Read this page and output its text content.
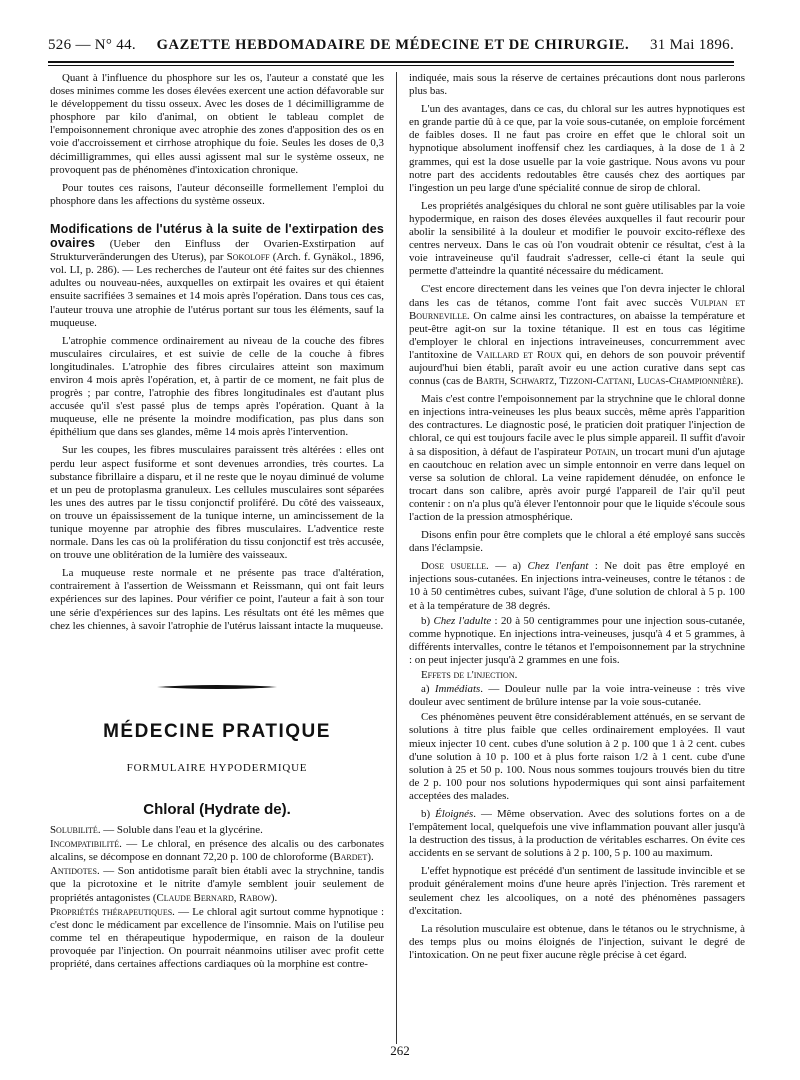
526 — N° 44. GAZETTE HEBDOMADAIRE DE MÉDECINE ET DE CHIRURGIE. 31 Mai 1896.

Quant à l'influence du phosphore sur les os, l'auteur a constaté que les doses minimes comme les doses élevées exercent une action défavorable sur le développement du tissu osseux. Avec les doses de 1 décimilligramme de phosphore par kilo d'animal, on obtient le tableau complet de l'empoisonnement chronique avec atrophie des zones d'apposition des os en voie d'accroissement et cirrhose atrophique du foie. Seules les doses de 0,3 décimilligrammes, qui elles aussi agissent mal sur le système osseux, ne provoquent pas de phénomènes d'intoxication chronique.

Pour toutes ces raisons, l'auteur déconseille formellement l'emploi du phosphore dans les affections du système osseux.

Modifications de l'utérus à la suite de l'extirpation des ovaires (Ueber den Einfluss der Ovarien-Exstirpation auf Strukturveränderungen des Uterus), par Sokoloff (Arch. f. Gynäkol., 1896, vol. LI, p. 286). — Les recherches de l'auteur ont été faites sur des chiennes adultes ou nouveau-nées, auxquelles on extirpait les ovaires et qui étaient ensuite sacrifiées 3 semaines et 14 mois après l'opération. Dans tous ces cas, l'auteur trouva une atrophie de l'utérus portant sur tous les éléments, sauf la muqueuse.

L'atrophie commence ordinairement au niveau de la couche des fibres musculaires circulaires, et est suivie de celle de la couche à fibres longitudinales. L'atrophie des fibres circulaires atteint son maximum environ 4 mois après l'opération, et, à partir de ce moment, ne fait plus de progrès ; par contre, l'atrophie des fibres longitudinales est d'autant plus accusée qu'il s'est passé plus de temps après l'opération. Quant à la muqueuse, elle ne présente la moindre modification, pas plus dans son épithélium que dans ses glandes, même 14 mois après l'intervention.

Sur les coupes, les fibres musculaires paraissent très altérées : elles ont perdu leur aspect fusiforme et sont devenues arrondies, très courtes. La substance fibrillaire a disparu, et il ne reste que le noyau diminué de volume et un peu de protoplasma granuleux. Les cellules musculaires sont séparées les unes des autres par le tissu conjonctif proliféré. Du côté des vaisseaux, on trouve un épaississement de la tunique interne, un amincissement de la tunique moyenne par atrophie des fibres musculaires. L'adventice reste normale. Dans les cas où la prolifération du tissu conjonctif est très accusée, on trouve une oblitération de la lumière des vaisseaux.

La muqueuse reste normale et ne présente pas trace d'altération, contrairement à l'assertion de Weissmann et Reissmann, qui ont fait leurs expériences sur des lapines. Pour vérifier ce point, l'auteur a fait à son tour une série d'expériences sur des lapins. Les résultats ont été les mêmes que chez les chiennes, à savoir l'atrophie de l'utérus laissant intacte la muqueuse.

MÉDECINE PRATIQUE
FORMULAIRE HYPODERMIQUE
Chloral (Hydrate de).

Solubilité. — Soluble dans l'eau et la glycérine.

Incompatibilité. — Le chloral, en présence des alcalis ou des carbonates alcalins, se décompose en donnant 72,20 p. 100 de chloroforme (Bardet).

Antidotes. — Son antidotisme paraît bien établi avec la strychnine, tandis que la picrotoxine et le nitrite d'amyle semblent jouir seulement de propriétés antagonistes (Claude Bernard, Rabow).

Propriétés thérapeutiques. — Le chloral agit surtout comme hypnotique : c'est donc le médicament par excellence de l'insomnie. Mais on l'utilise peu comme tel en thérapeutique hypodermique, en raison de la douleur provoquée par l'injection. On pourrait néanmoins utiliser avec profit cette propriété, dans certaines affections cardiaques où la morphine est contre-

indiquée, mais sous la réserve de certaines précautions dont nous parlerons plus bas.

L'un des avantages, dans ce cas, du chloral sur les autres hypnotiques est en grande partie dû à ce que, par la voie sous-cutanée, on emploie forcément de faibles doses. Il ne faut pas croire en effet que le chloral soit un hypnotique absolument inoffensif chez les cardiaques, à la dose de 1 à 2 grammes, qui est la dose usuelle par la voie gastrique. Nous avons vu pour notre part des accidents redoutables être causés chez des aortiques par l'ingestion un peu large d'une spécialité connue de sirop de chloral.

Les propriétés analgésiques du chloral ne sont guère utilisables par la voie hypodermique, en raison des doses élevées auxquelles il faut recourir pour abolir la sensibilité à la douleur et modifier le pouvoir excito-réflexe des centres nerveux. Dans le cas où l'on voudrait obtenir ce résultat, c'est à la voie intraveineuse qu'il faudrait s'adresser, celle-ci étant la seule qui permette d'atteindre la quantité nécessaire du médicament.

C'est encore directement dans les veines que l'on devra injecter le chloral dans les cas de tétanos, comme l'ont fait avec succès Vulpian et Bourneville. On calme ainsi les contractures, on abaisse la température et peut-être agit-on sur la toxine tétanique. Il est en tous cas légitime d'employer le chloral en injections intraveineuses, concurremment avec l'antitoxine de Vaillard et Roux qui, en dehors de son pouvoir préventif aujourd'hui bien établi, paraît avoir eu une action curative dans sept cas connus (cas de Barth, Schwartz, Tizzoni-Cattani, Lucas-Championnière).

Mais c'est contre l'empoisonnement par la strychnine que le chloral donne en injections intra-veineuses les plus beaux succès, même après l'apparition des contractures. Le diagnostic posé, le praticien doit pratiquer l'injection de chloral, ce qui est toujours facile avec le plus simple appareil. Il suffit d'avoir à sa disposition, à défaut de l'aspirateur Potain, un trocart muni d'un ajutage en caoutchouc en relation avec un simple entonnoir en verre dans lequel on verse sa solution de chloral. La veine rapidement dénudée, on enfonce le trocart dans son calibre, après avoir purgé l'appareil de l'air qu'il peut contenir : on n'a plus qu'à élever l'entonnoir pour que le liquide s'écoule sous l'action de la pression atmosphérique.

Disons enfin pour être complets que le chloral a été employé sans succès dans l'éclampsie.

Dose usuelle. — a) Chez l'enfant : Ne doit pas être employé en injections sous-cutanées. En injections intra-veineuses, contre le tétanos : de 10 à 50 centimètres cubes, suivant l'âge, d'une solution de chloral à 5 p. 100 et à la température de 38 degrés.

b) Chez l'adulte : 20 à 50 centigrammes pour une injection sous-cutanée, comme hypnotique. En injections intra-veineuses, jusqu'à 4 et 5 grammes, à différents intervalles, contre le tétanos et l'empoisonnement par la strychnine : on peut injecter jusqu'à 2 grammes en une fois.

Effets de l'injection.

a) Immédiats. — Douleur nulle par la voie intra-veineuse : très vive douleur avec sentiment de brûlure intense par la voie sous-cutanée.

Ces phénomènes peuvent être considérablement atténués, en se servant de solutions à titre plus faible que celles ordinairement employées. Il vaut mieux injecter 10 cent. cubes d'une solution à 2 p. 100 que 1 à 2 cent. cubes d'une solution à 10 p. 100 et à plus forte raison 1/2 à 1 cent. cube d'une solution à 25 et 50 p. 100. Nous nous sommes toujours trouvés bien du titre de 2 p. 100 pour nos solutions hypodermiques qui sont ainsi parfaitement acceptées des malades.

b) Éloignés. — Même observation. Avec des solutions fortes on a de l'empâtement local, quelquefois une vive inflammation pouvant aller jusqu'à la destruction des tissus, à la production de véritables escharres. On évite ces accidents en se servant de solutions à 2 p. 100, 5 p. 100 au maximum.

L'effet hypnotique est précédé d'un sentiment de lassitude invincible et se produit généralement moins d'une heure après l'injection. Très rarement et seulement chez les alcooliques, on a noté des phénomènes passagers d'excitation.

La résolution musculaire est obtenue, dans le tétanos ou le strychnisme, à des temps plus ou moins éloignés de l'injection, suivant le degré de l'intoxication. On ne peut fixer aucune règle précise à cet égard.

262
